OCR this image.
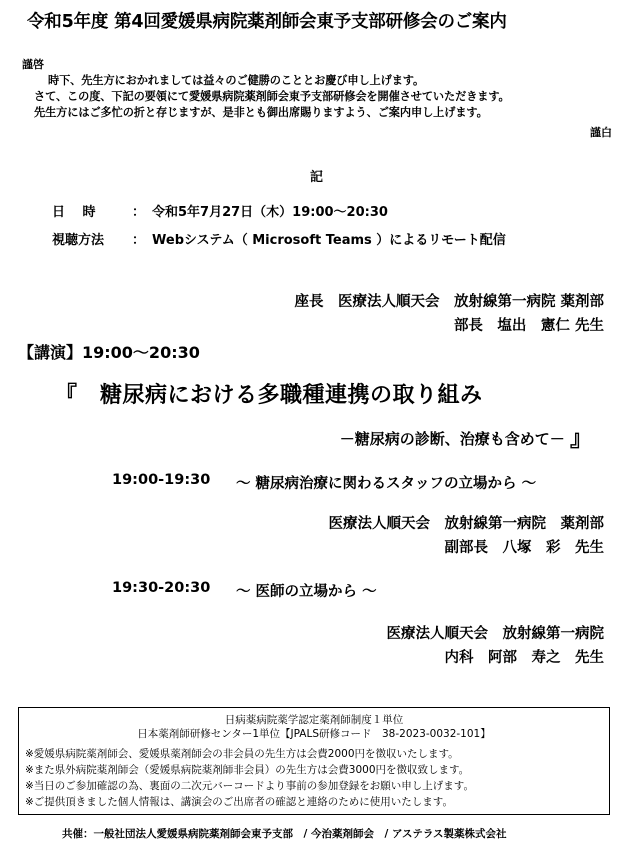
令和5年度 第4回愛媛県病院薬剤師会東予支部研修会のご案内
謹啓
時下、先生方におかれましては益々のご健勝のこととお慶び申し上げます。
さて、この度、下記の要領にて愛媛県病院薬剤師会東予支部研修会を開催させていただきます。
先生方にはご多忙の折と存じますが、是非とも御出席賜りますよう、ご案内申し上げます。
謹白
記
日　 時	： 令和5年7月27日（木）19:00～20:30
視聴方法 ： Webシステム（ Microsoft Teams ）によるリモート配信
座長　医療法人順天会　放射線第一病院 薬剤部
部長　塩出　憲仁 先生
【講演】19:00～20:30
『　糖尿病における多職種連携の取り組み
－糖尿病の診断、治療も含めて－ 』
19:00-19:30 ～ 糖尿病治療に関わるスタッフの立場から ～
医療法人順天会　放射線第一病院　薬剤部
副部長　八塚　彩　先生
19:30-20:30 ～ 医師の立場から ～
医療法人順天会　放射線第一病院
内科　阿部　寿之　先生
日病薬病院薬学認定薬剤師制度１単位
日本薬剤師研修センター1単位【JPALS研修コード　38-2023-0032-101】
※愛媛県病院薬剤師会、愛媛県薬剤師会の非会員の先生方は会費2000円を徴収いたします。
※また県外病院薬剤師会（愛媛県病院薬剤師非会員）の先生方は会費3000円を徴収致します。
※当日のご参加確認の為、裏面の二次元バーコードより事前の参加登録をお願い申し上げます。
※ご提供頂きました個人情報は、講演会のご出席者の確認と連絡のために使用いたします。
共催：一般社団法人愛媛県病院薬剤師会東予支部　/ 今治薬剤師会　/ アステラス製薬株式会社
